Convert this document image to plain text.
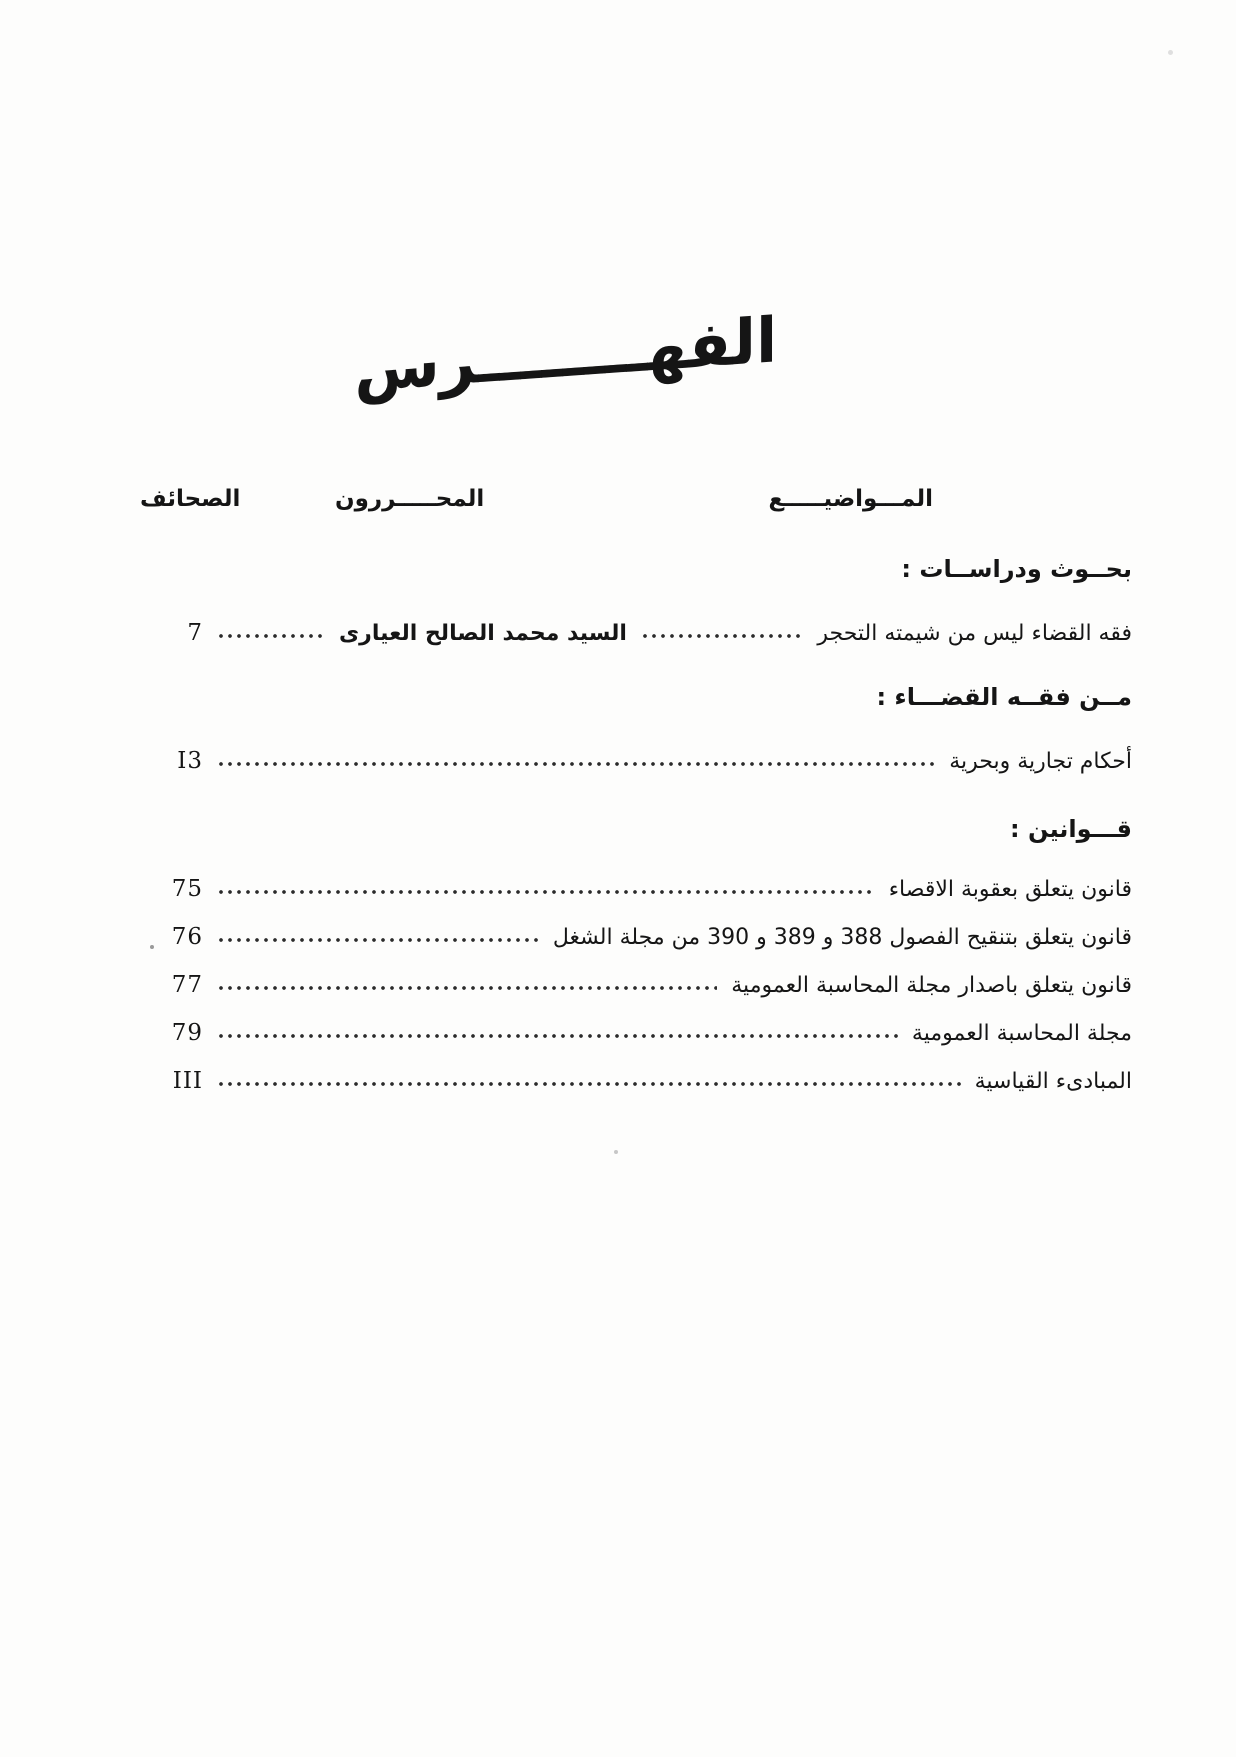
الفهــــــــرس
الصحائف	المحـــــررون	المـــواضيـــــع
بحــوث ودراســات :
فقه القضاء ليس من شيمته التحجر
السيد محمد الصالح العيارى
7
مــن فقــه القضـــاء :
أحكام تجارية وبحرية
I3
قـــوانين :
قانون يتعلق بعقوبة الاقصاء
75
قانون يتعلق بتنقيح الفصول 388 و 389 و 390 من مجلة الشغل
76
قانون يتعلق باصدار مجلة المحاسبة العمومية
77
مجلة المحاسبة العمومية
79
المبادىء القياسية
III
